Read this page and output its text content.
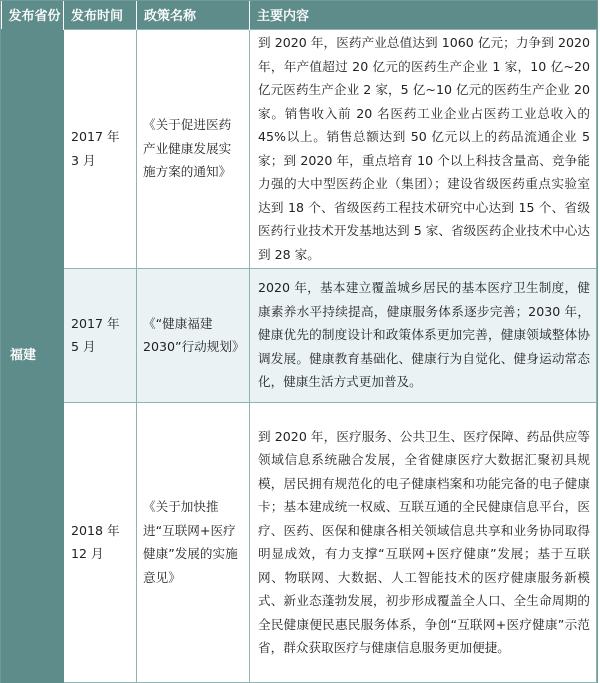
发布省份	发布时间	政策名称	主要内容
福建	2017 年 3 月	《关于促进医药产业健康发展实施方案的通知》	到 2020 年，医药产业总值达到 1060 亿元；力争到 2020 年，年产值超过 20 亿元的医药生产企业 1 家，10 亿~20 亿元医药生产企业 2 家，5 亿~10 亿元的医药生产企业 20 家。销售收入前 20 名医药工业企业占医药工业总收入的 45%以上。销售总额达到 50 亿元以上的药品流通企业 5 家；到 2020 年，重点培育 10 个以上科技含量高、竞争能力强的大中型医药企业（集团）；建设省级医药重点实验室达到 18 个、省级医药工程技术研究中心达到 15 个、省级医药行业技术开发基地达到 5 家、省级医药企业技术中心达到 28 家。
	2017 年 5 月	《“健康福建 2030”行动规划》	2020 年，基本建立覆盖城乡居民的基本医疗卫生制度，健康素养水平持续提高，健康服务体系逐步完善；2030 年，健康优先的制度设计和政策体系更加完善，健康领域整体协调发展。健康教育基础化、健康行为自觉化、健身运动常态化，健康生活方式更加普及。
	2018 年12 月	《关于加快推进“互联网+医疗健康”发展的实施意见》	到 2020 年，医疗服务、公共卫生、医疗保障、药品供应等领域信息系统融合发展，全省健康医疗大数据汇聚初具规模，居民拥有规范化的电子健康档案和功能完备的电子健康卡；基本建成统一权威、互联互通的全民健康信息平台，医疗、医药、医保和健康各相关领域信息共享和业务协同取得明显成效，有力支撑“互联网+医疗健康”发展；基于互联网、物联网、大数据、人工智能技术的医疗健康服务新模式、新业态蓬勃发展，初步形成覆盖全人口、全生命周期的全民健康便民惠民服务体系，争创“互联网+医疗健康”示范省，群众获取医疗与健康信息服务更加便捷。
